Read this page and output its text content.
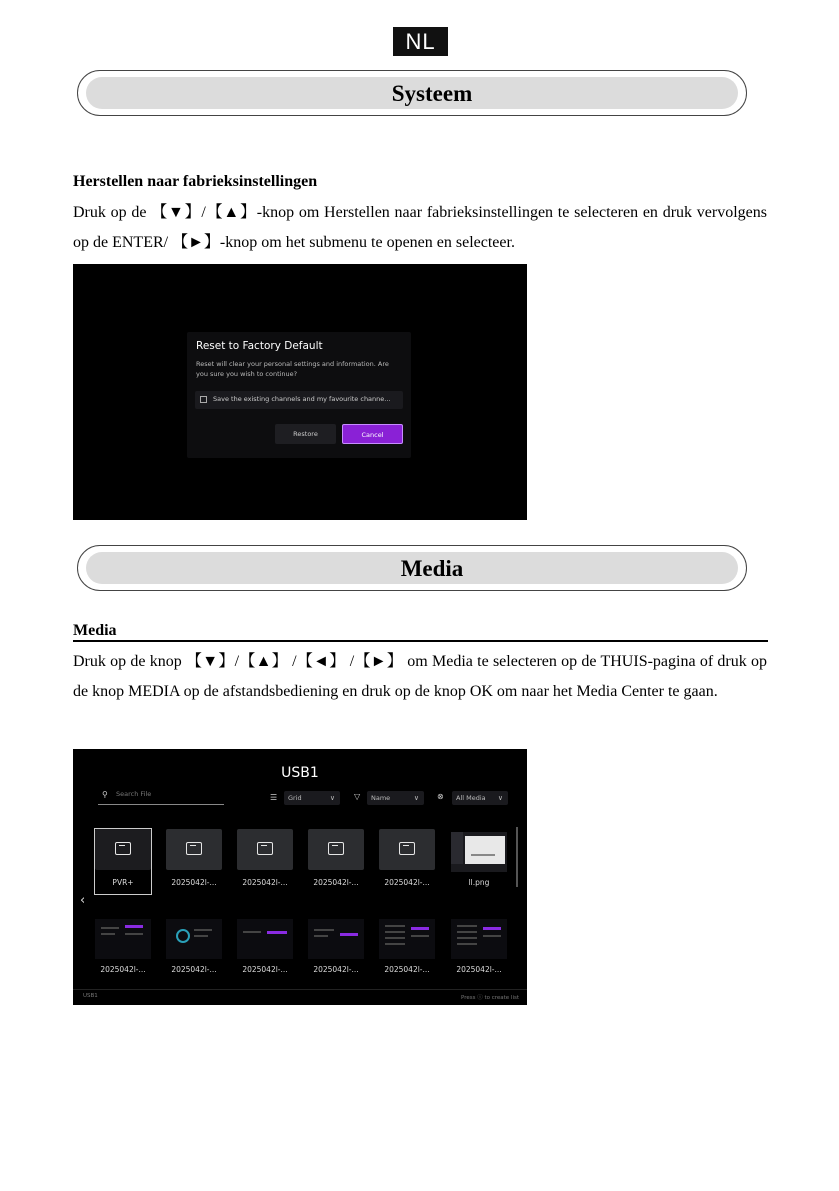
NL
Systeem
Herstellen naar fabrieksinstellingen
Druk op de 【▼】/【▲】-knop om Herstellen naar fabrieksinstellingen te selecteren en druk vervolgens op de ENTER/ 【►】-knop om het submenu te openen en selecteer.
Reset to Factory Default
Reset will clear your personal settings and information. Are you sure you wish to continue?
Save the existing channels and my favourite channe...
Restore	Cancel
Media
Media
Druk op de knop 【▼】/【▲】 /【◄】 /【►】 om Media te selecteren op de THUIS-pagina of druk op de knop MEDIA op de afstandsbediening en druk op de knop OK om naar het Media Center te gaan.
USB1
⚲ Search File	☰	Grid	∨ ▽	Name	∨ ⊗	All Media ∨
‹
PVR+	2025042l-...	2025042l-...	2025042l-...	2025042l-...	ll.png
2025042l-...	2025042l-...	2025042l-...	2025042l-...	2025042l-...	2025042l-...
USB1	Press ⓘ to create list
